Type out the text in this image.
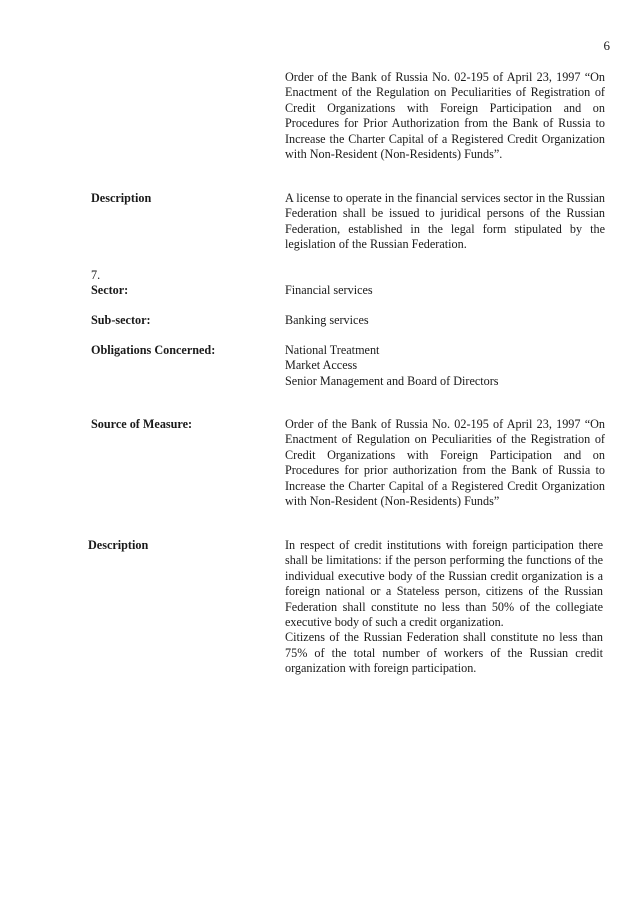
6
Order of the Bank of Russia No. 02-195 of April 23, 1997 “On Enactment of the Regulation on Peculiarities of Registration of Credit Organizations with Foreign Participation and on Procedures for Prior Authorization from the Bank of Russia to Increase the Charter Capital of a Registered Credit Organization with Non-Resident (Non-Residents) Funds”.
Description	A license to operate in the financial services sector in the Russian Federation shall be issued to juridical persons of the Russian Federation, established in the legal form stipulated by the legislation of the Russian Federation.
7.
Sector:	Financial services
Sub-sector:	Banking services
Obligations Concerned:	National Treatment

Market Access

Senior Management and Board of Directors

Source of Measure:	Order of the Bank of Russia No. 02-195 of April 23, 1997 “On Enactment of Regulation on Peculiarities of the Registration of Credit Organizations with Foreign Participation and on Procedures for prior authorization from the Bank of Russia to Increase the Charter Capital of a Registered Credit Organization with Non-Resident (Non-Residents) Funds”
Description	In respect of credit institutions with foreign participation there shall be limitations: if the person performing the functions of the individual executive body of the Russian credit organization is a foreign national or a Stateless person, citizens of the Russian Federation shall constitute no less than 50% of the collegiate executive body of such a credit organization.

Citizens of the Russian Federation shall constitute no less than 75% of the total number of workers of the Russian credit organization with foreign participation.
